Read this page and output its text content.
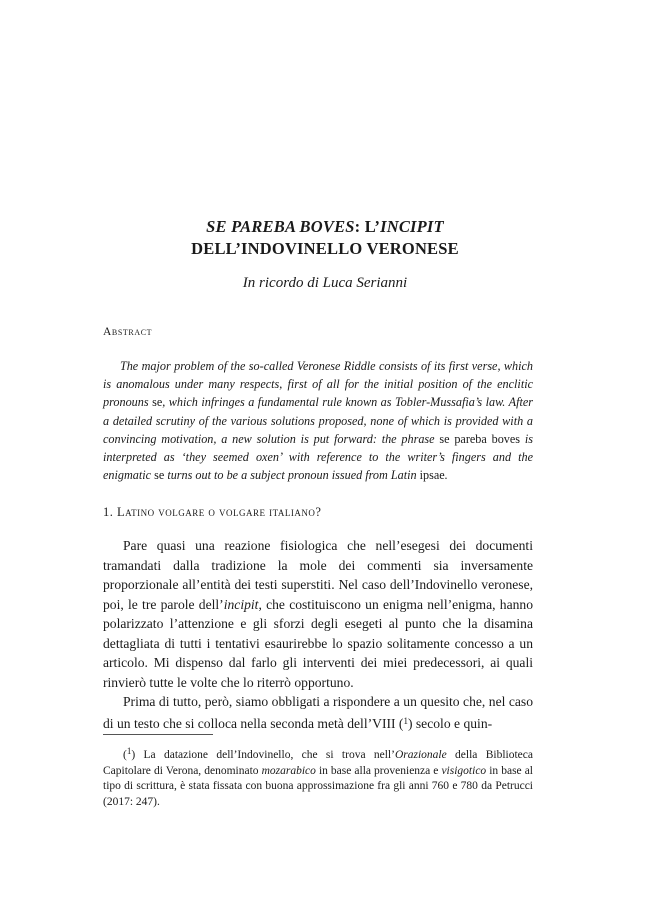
SE PAREBA BOVES: L’INCIPIT
DELL’INDOVINELLO VERONESE
In ricordo di Luca Serianni
Abstract
The major problem of the so-called Veronese Riddle consists of its first verse, which is anomalous under many respects, first of all for the initial position of the enclitic pronouns se, which infringes a fundamental rule known as Tobler-Mussafia’s law. After a detailed scrutiny of the various solutions proposed, none of which is provided with a convincing motivation, a new solution is put forward: the phrase se pareba boves is interpreted as ‘they seemed oxen’ with reference to the writer’s fingers and the enigmatic se turns out to be a subject pronoun issued from Latin ipsae.
1. Latino volgare o volgare italiano?

Pare quasi una reazione fisiologica che nell’esegesi dei documenti tramandati dalla tradizione la mole dei commenti sia inversamente proporzionale all’entità dei testi superstiti. Nel caso dell’Indovinello veronese, poi, le tre parole dell’incipit, che costituiscono un enigma nell’enigma, hanno polarizzato l’attenzione e gli sforzi degli esegeti al punto che la disamina dettagliata di tutti i tentativi esaurirebbe lo spazio solitamente concesso a un articolo. Mi dispenso dal farlo gli interventi dei miei predecessori, ai quali rinvierò tutte le volte che lo riterrò opportuno.

Prima di tutto, però, siamo obbligati a rispondere a un quesito che, nel caso di un testo che si colloca nella seconda metà dell’VIII ($^1$) secolo e quin-

($^1$) La datazione dell’Indovinello, che si trova nell’Orazionale della Biblioteca Capitolare di Verona, denominato mozarabico in base alla provenienza e visigotico in base al tipo di scrittura, è stata fissata con buona approssimazione fra gli anni 760 e 780 da Petrucci (2017: 247).
